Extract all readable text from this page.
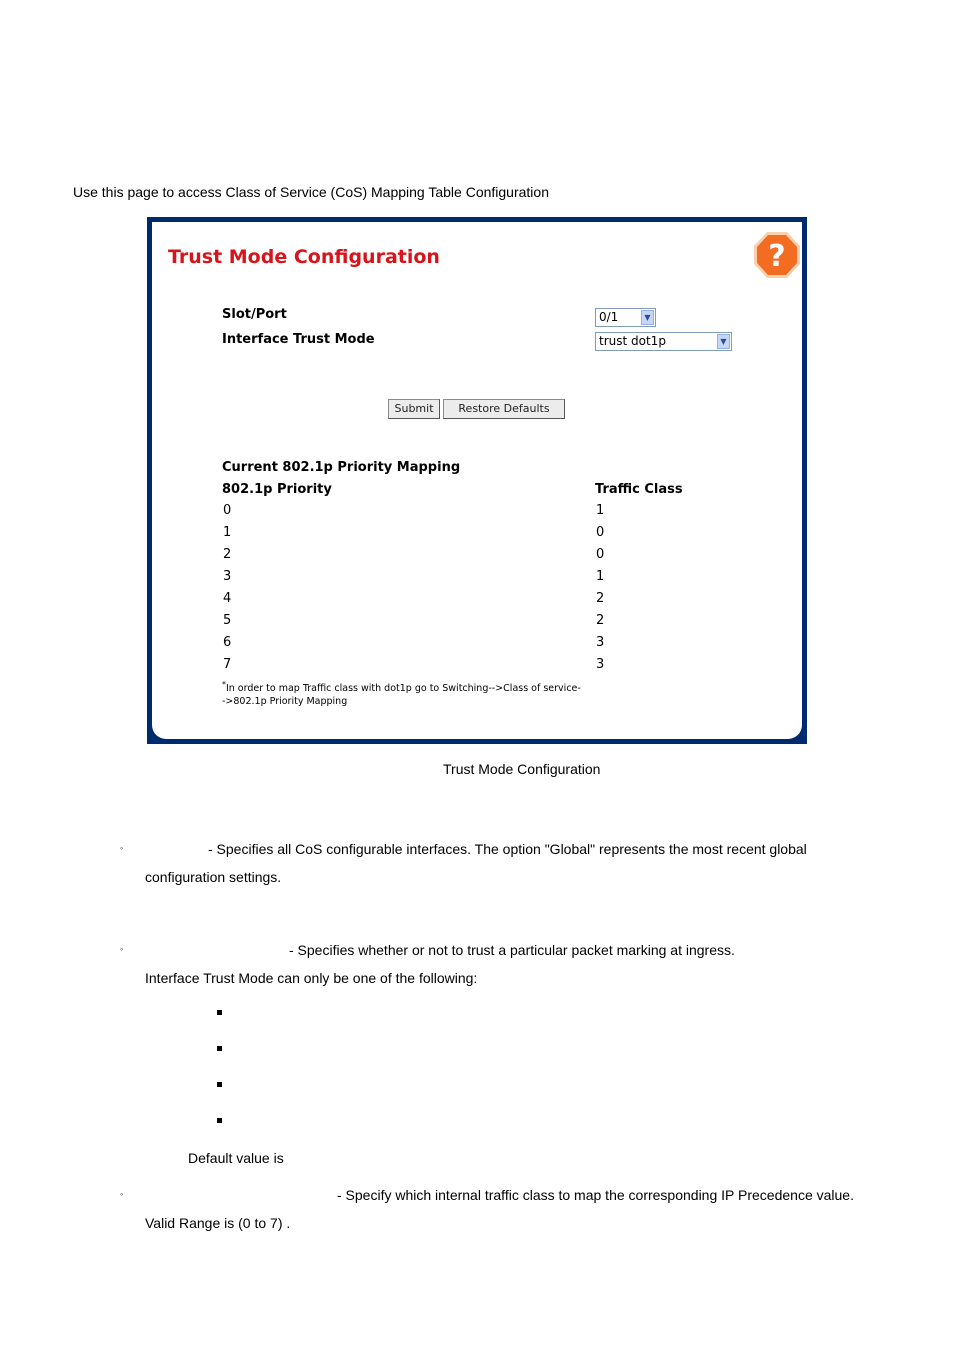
Use this page to access Class of Service (CoS) Mapping Table Configuration
Trust Mode Configuration	?
Slot/Port	0/1	▼
Interface Trust Mode	trust dot1p	▼
Submit	Restore Defaults
Current 802.1p Priority Mapping
802.1p Priority	Traffic Class
0	1
1	0
2	0
3	1
4	2
5	2
6	3
7	3
*In order to map Traffic class with dot1p go to Switching-->Class of service-->802.1p Priority Mapping
Trust Mode Configuration
◦	- Specifies all CoS configurable interfaces. The option "Global" represents the most recent global
configuration settings.
◦	- Specifies whether or not to trust a particular packet marking at ingress.
Interface Trust Mode can only be one of the following:
Default value is
◦	- Specify which internal traffic class to map the corresponding IP Precedence value.
Valid Range is (0 to 7) .
